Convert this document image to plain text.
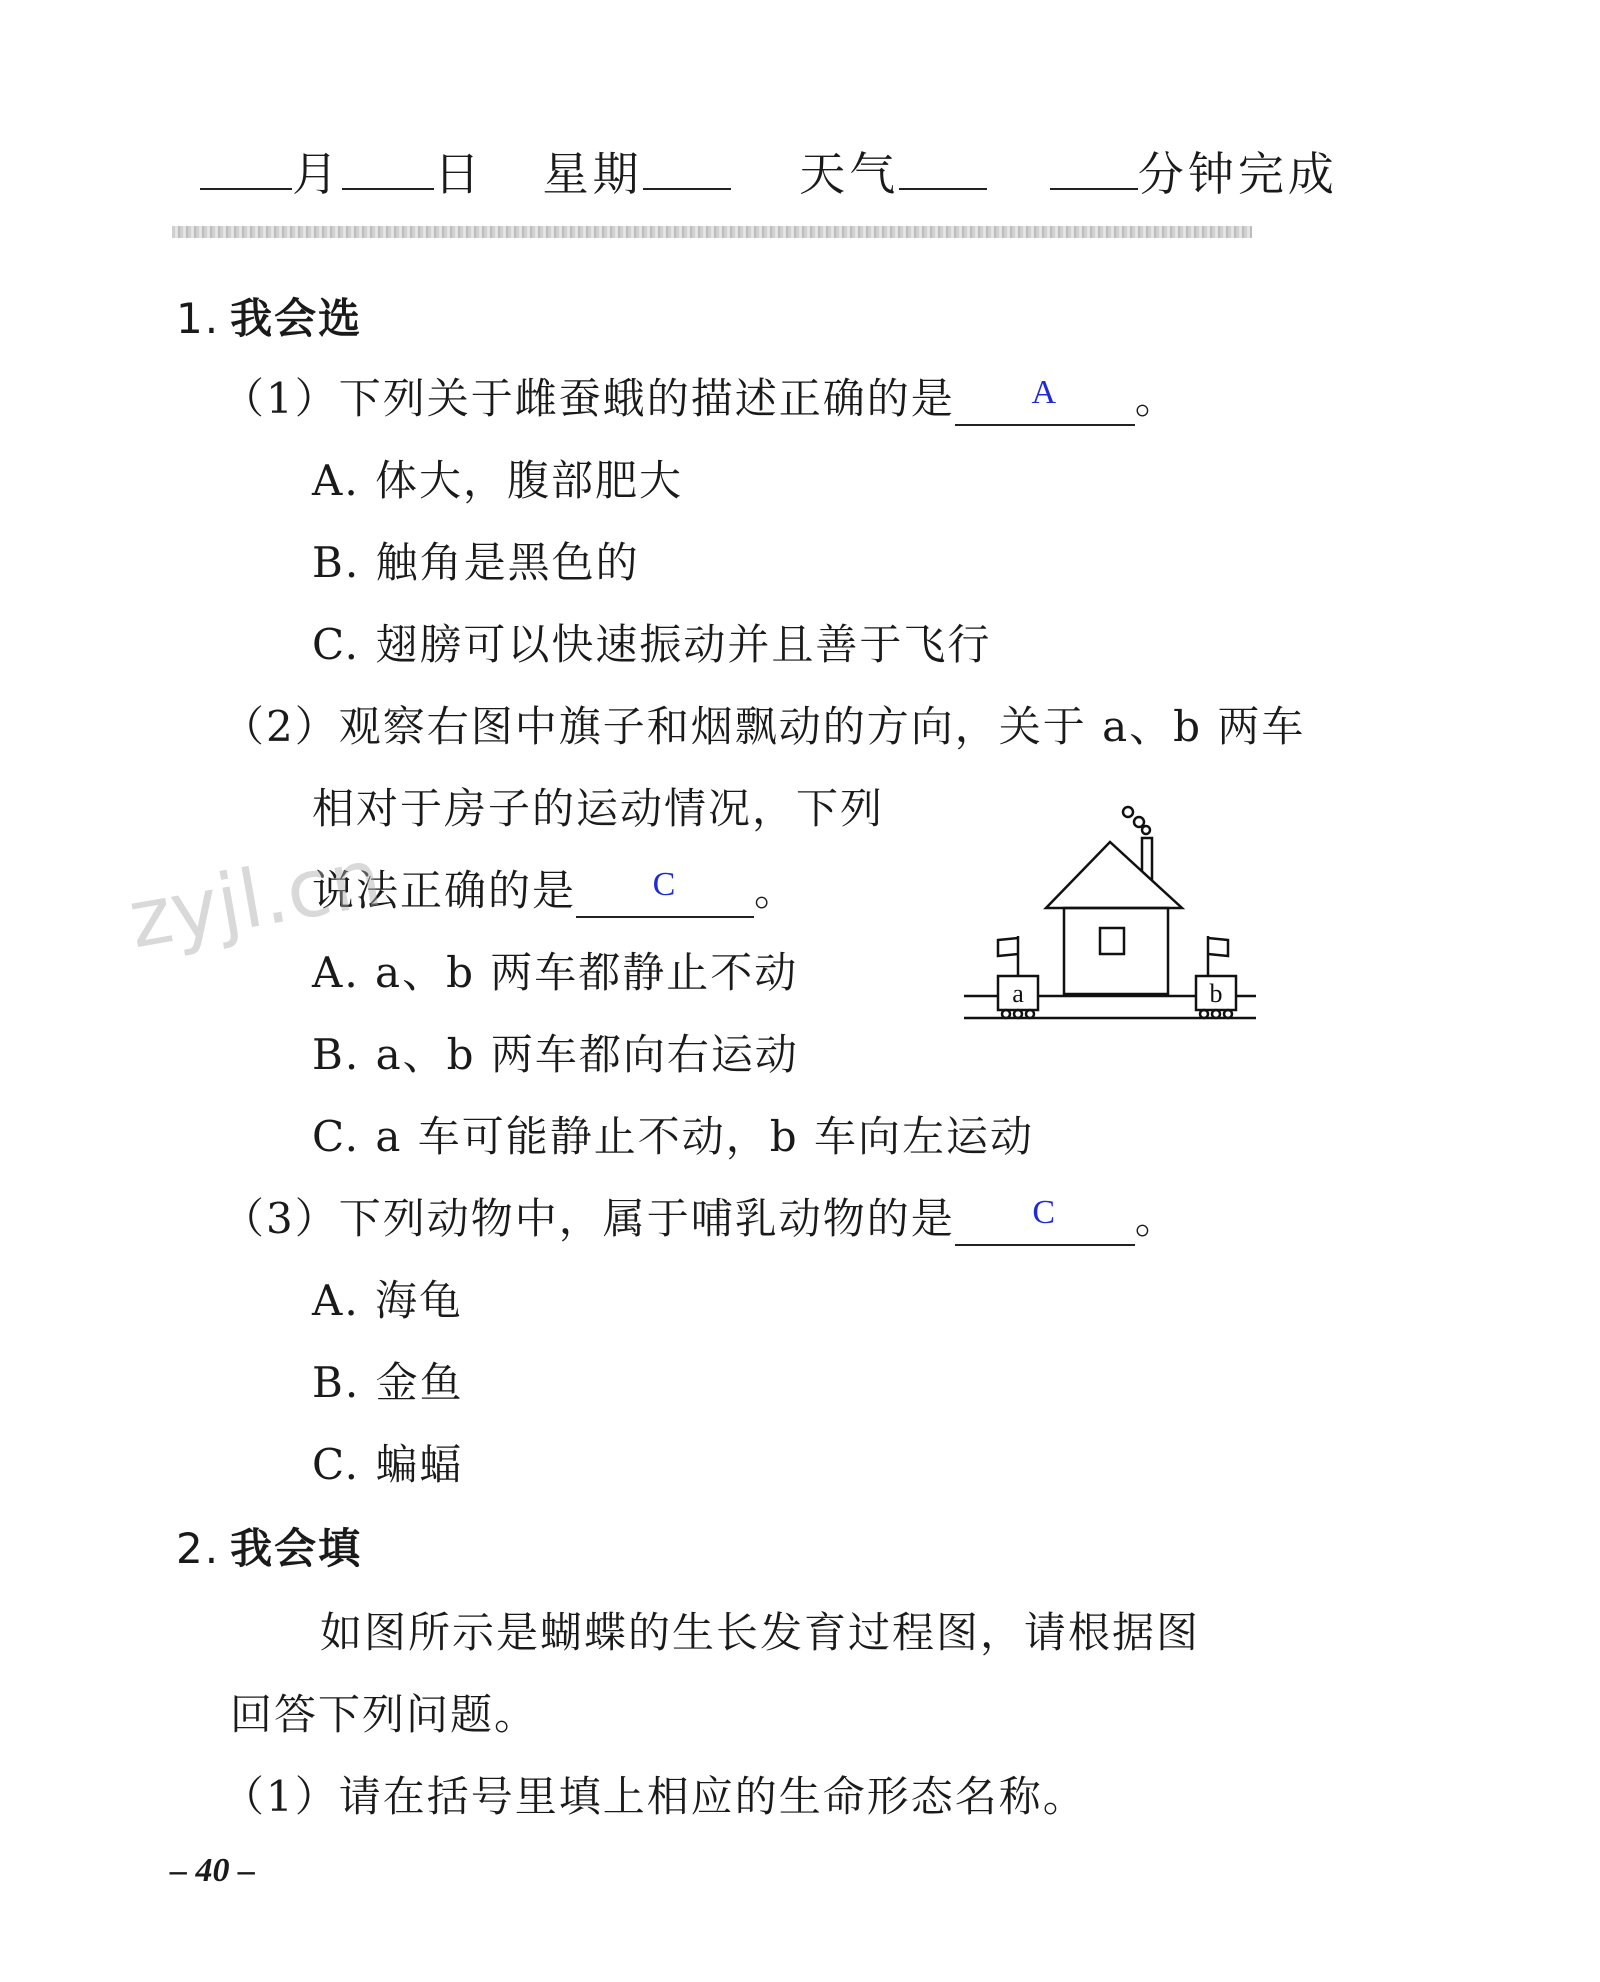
月 日 星期	天气	分钟完成
1. 我会选
（1）下列关于雌蚕蛾的描述正确的是	A	。
A. 体大，腹部肥大
B. 触角是黑色的
C. 翅膀可以快速振动并且善于飞行
（2）观察右图中旗子和烟飘动的方向，关于 a、b 两车
相对于房子的运动情况，下列
说法正确的是	C	。
A. a、b 两车都静止不动
B. a、b 两车都向右运动
C. a 车可能静止不动，b 车向左运动
a	b
（3）下列动物中，属于哺乳动物的是	C	。
A. 海龟
B. 金鱼
C. 蝙蝠
2. 我会填
如图所示是蝴蝶的生长发育过程图，请根据图
回答下列问题。
（1）请在括号里填上相应的生命形态名称。
– 40 –
zyjl.cn
